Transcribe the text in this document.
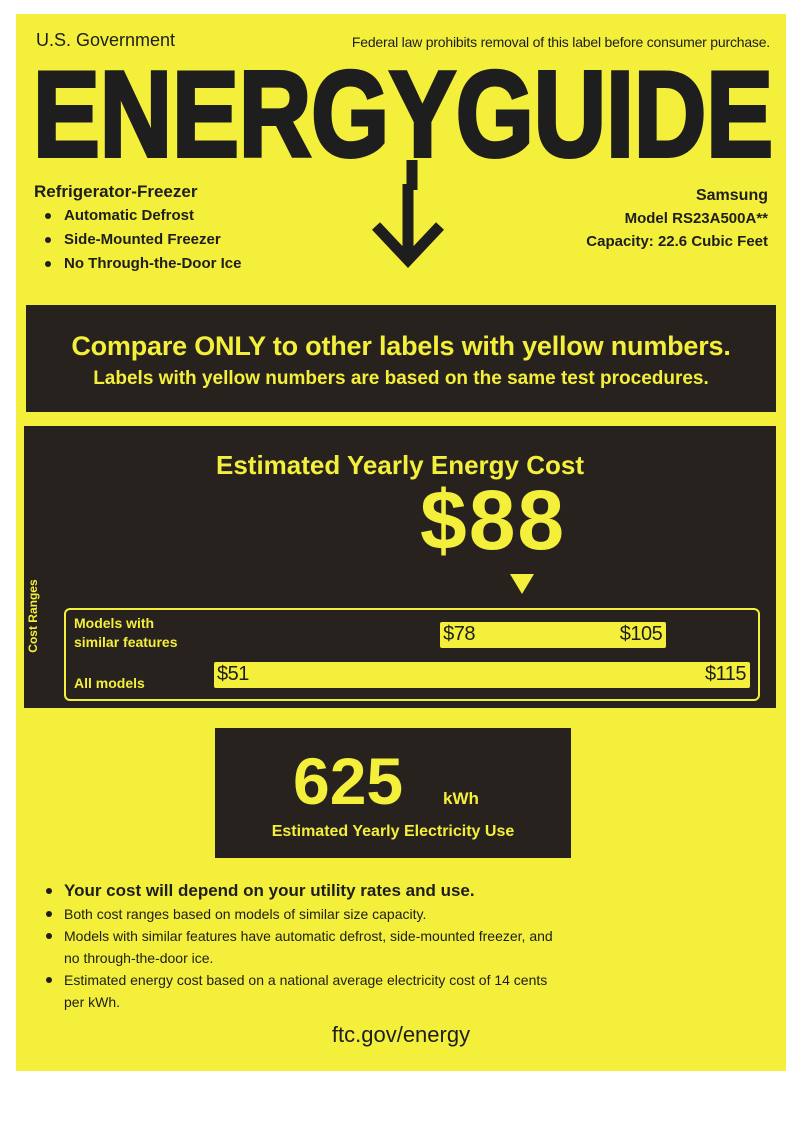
U.S. Government	Federal law prohibits removal of this label before consumer purchase.
ENERGYGUIDE
Refrigerator-Freezer
Automatic Defrost
Side-Mounted Freezer
No Through-the-Door Ice
Samsung
Model RS23A500A**
Capacity: 22.6 Cubic Feet
Compare ONLY to other labels with yellow numbers.
Labels with yellow numbers are based on the same test procedures.
Estimated Yearly Energy Cost
$88
Cost Ranges Models with
similar features	$78	$105
All models	$51	$115
625 kWh
Estimated Yearly Electricity Use
Your cost will depend on your utility rates and use.
Both cost ranges based on models of similar size capacity.
Models with similar features have automatic defrost, side-mounted freezer, and no through-the-door ice.
Estimated energy cost based on a national average electricity cost of 14 cents per kWh.
ftc.gov/energy
